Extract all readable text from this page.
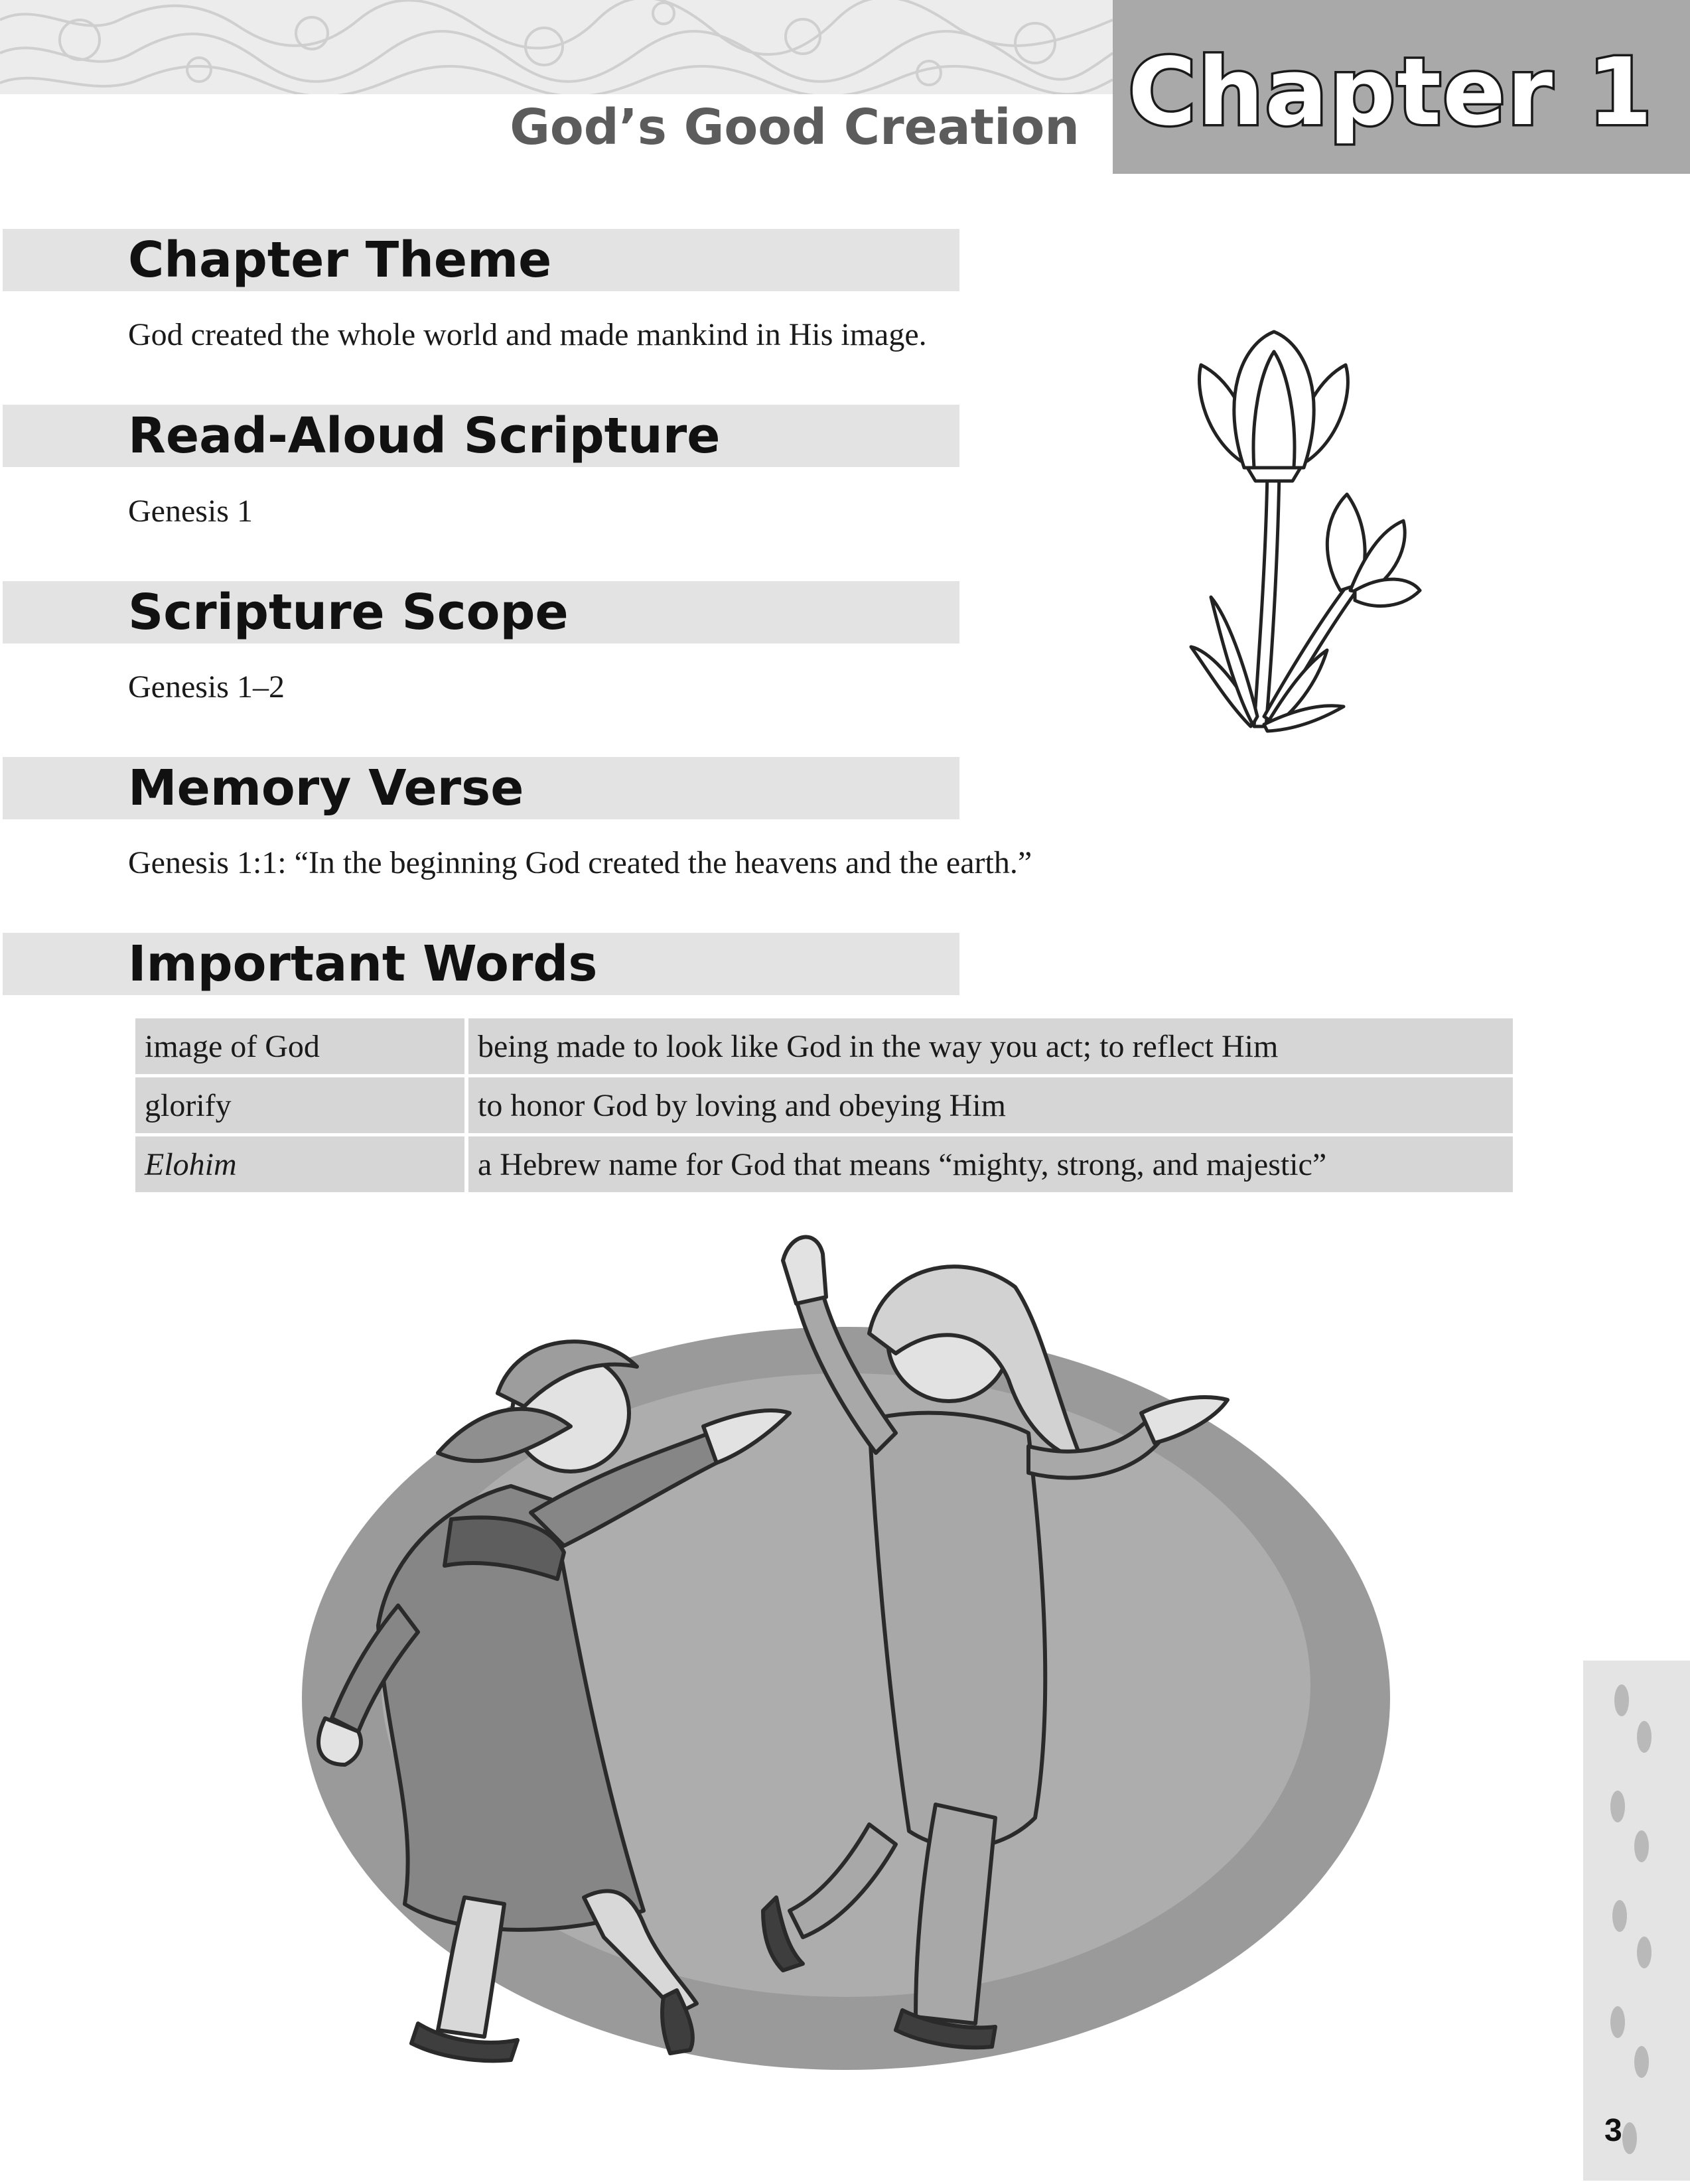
Chapter 1
God’s Good Creation
Chapter Theme

God created the whole world and made mankind in His image.

Read-Aloud Scripture

Genesis 1

Scripture Scope

Genesis 1–2

Memory Verse

Genesis 1:1: “In the beginning God created the heavens and the earth.”

Important Words
image of God	being made to look like God in the way you act; to reflect Him
glorify	to honor God by loving and obeying Him
Elohim	a Hebrew name for God that means “mighty, strong, and majestic”

3
